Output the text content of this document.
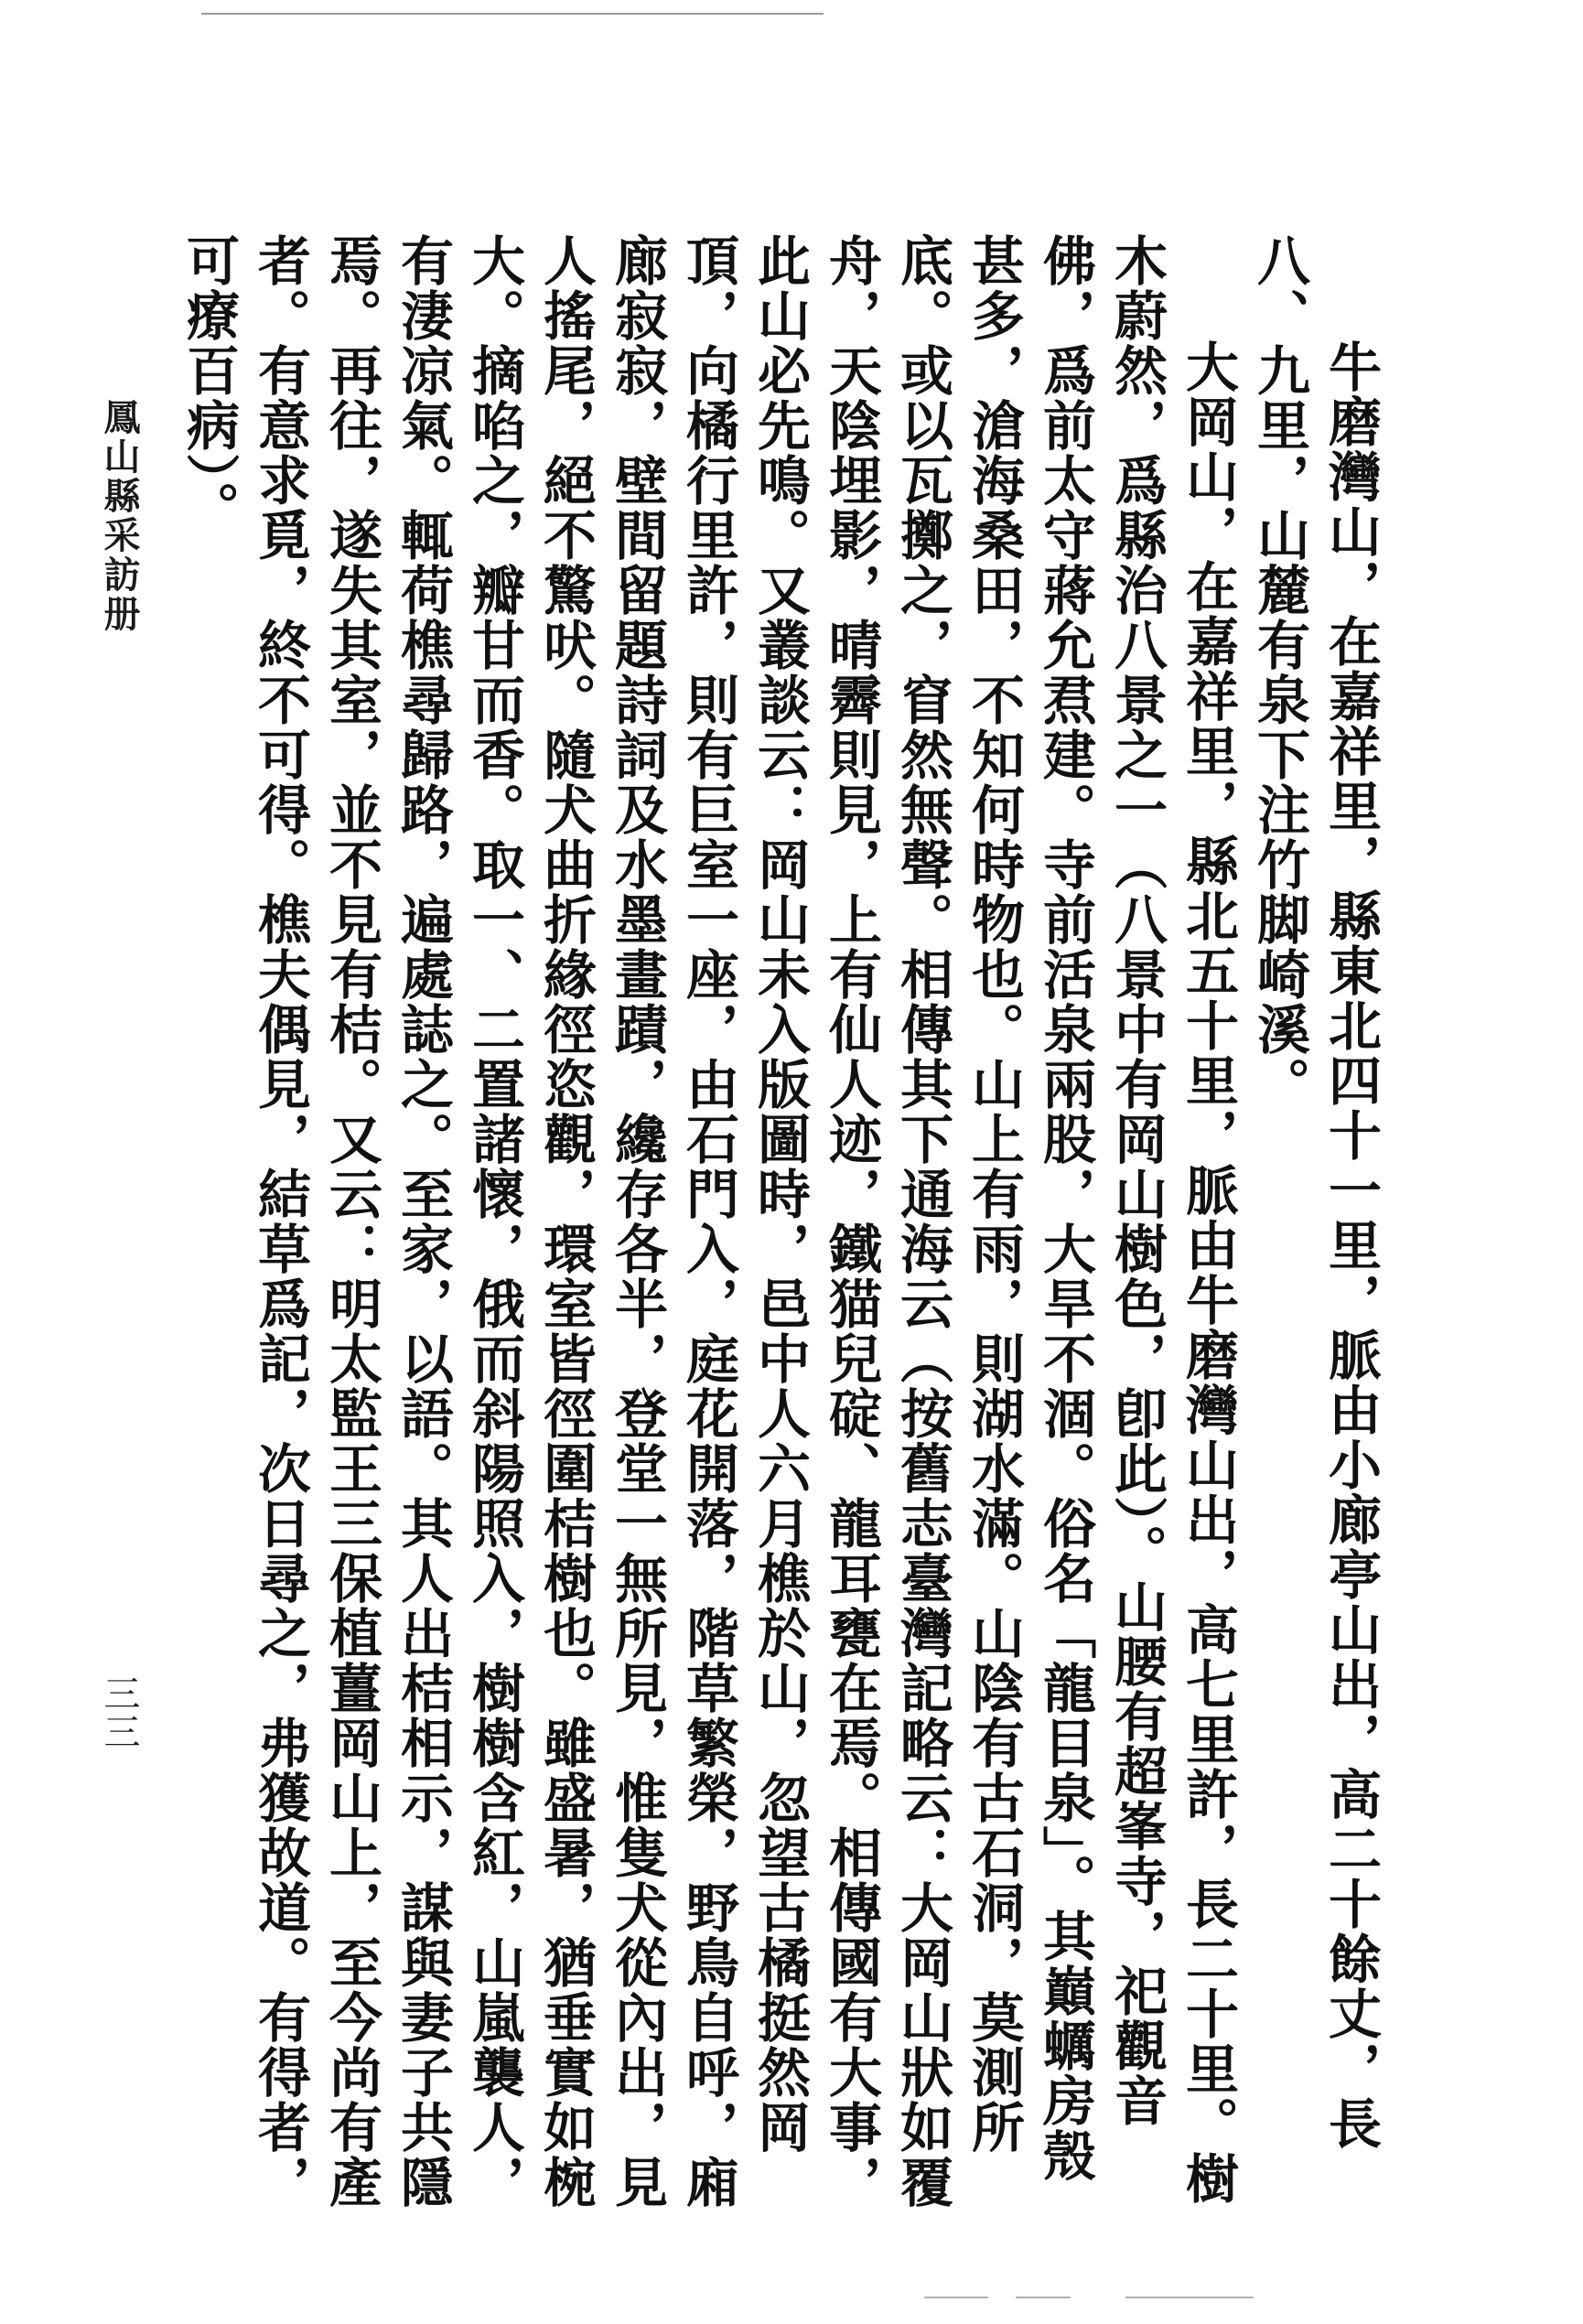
牛磨灣山，在嘉祥里，縣東北四十一里，脈由小廊亭山出，高二十餘丈，長八、九里，山麓有泉下注竹脚崎溪。

大岡山，在嘉祥里，縣北五十里，脈由牛磨灣山出，高七里許，長二十里。樹木蔚然，爲縣治八景之一（八景中有岡山樹色，卽此）。山腰有超峯寺，祀觀音佛，爲前太守蔣允焄建。寺前活泉兩股，大旱不涸。俗名「龍目泉」。其巔蠣房殼甚多，滄海桑田，不知何時物也。山上有雨，則湖水滿。山陰有古石洞，莫測所底。或以瓦擲之，窅然無聲。相傳其下通海云（按舊志臺灣記略云：大岡山狀如覆舟，天陰埋影，晴霽則見，上有仙人迹，鐵猫兒碇、龍耳甕在焉。相傳國有大事，此山必先鳴。又叢談云：岡山未入版圖時，邑中人六月樵於山，忽望古橘挺然岡頂，向橘行里許，則有巨室一座，由石門入，庭花開落，階草繁榮，野鳥自呼，廂廊寂寂，壁間留題詩詞及水墨畫蹟，纔存各半，登堂一無所見，惟隻犬從內出，見人搖尾，絕不驚吠。隨犬曲折緣徑恣觀，環室皆徑圍桔樹也。雖盛暑，猶垂實如椀大。摘啗之，瓣甘而香。取一、二置諸懷，俄而斜陽照入，樹樹含紅，山嵐襲人，有淒凉氣。輒荷樵尋歸路，遍處誌之。至家，以語。其人出桔相示，謀與妻子共隱焉。再往，遂失其室，並不見有桔。又云：明太監王三保植薑岡山上，至今尚有產者。有意求覓，終不可得。樵夫偶見，結草爲記，次日尋之，弗獲故道。有得者，可療百病）。

鳳山縣采訪册
三三
